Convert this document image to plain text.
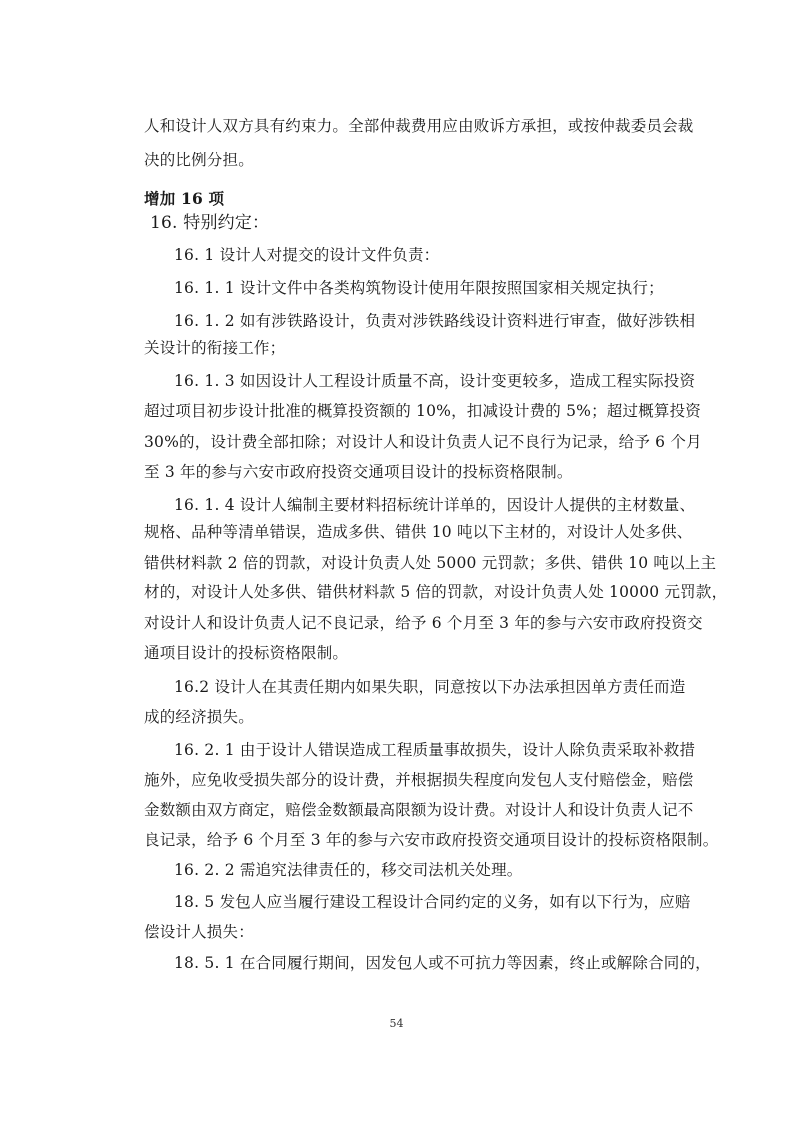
人和设计人双方具有约束力。全部仲裁费用应由败诉方承担，或按仲裁委员会裁
决的比例分担。
增加 16 项
16. 特别约定：
16. 1 设计人对提交的设计文件负责：
16. 1. 1 设计文件中各类构筑物设计使用年限按照国家相关规定执行；
16. 1. 2 如有涉铁路设计，负责对涉铁路线设计资料进行审查，做好涉铁相
关设计的衔接工作；
16. 1. 3 如因设计人工程设计质量不高，设计变更较多，造成工程实际投资
超过项目初步设计批准的概算投资额的 10%，扣减设计费的 5%；超过概算投资
30%的，设计费全部扣除；对设计人和设计负责人记不良行为记录，给予 6 个月
至 3 年的参与六安市政府投资交通项目设计的投标资格限制。
16. 1. 4 设计人编制主要材料招标统计详单的，因设计人提供的主材数量、
规格、品种等清单错误，造成多供、错供 10 吨以下主材的，对设计人处多供、
错供材料款 2 倍的罚款，对设计负责人处 5000 元罚款；多供、错供 10 吨以上主
材的，对设计人处多供、错供材料款 5 倍的罚款，对设计负责人处 10000 元罚款，
对设计人和设计负责人记不良记录，给予 6 个月至 3 年的参与六安市政府投资交
通项目设计的投标资格限制。
16.2 设计人在其责任期内如果失职，同意按以下办法承担因单方责任而造
成的经济损失。
16. 2. 1 由于设计人错误造成工程质量事故损失，设计人除负责采取补救措
施外，应免收受损失部分的设计费，并根据损失程度向发包人支付赔偿金，赔偿
金数额由双方商定，赔偿金数额最高限额为设计费。对设计人和设计负责人记不
良记录，给予 6 个月至 3 年的参与六安市政府投资交通项目设计的投标资格限制。
16. 2. 2 需追究法律责任的，移交司法机关处理。
18. 5 发包人应当履行建设工程设计合同约定的义务，如有以下行为，应赔
偿设计人损失：
18. 5. 1 在合同履行期间，因发包人或不可抗力等因素，终止或解除合同的，
54
